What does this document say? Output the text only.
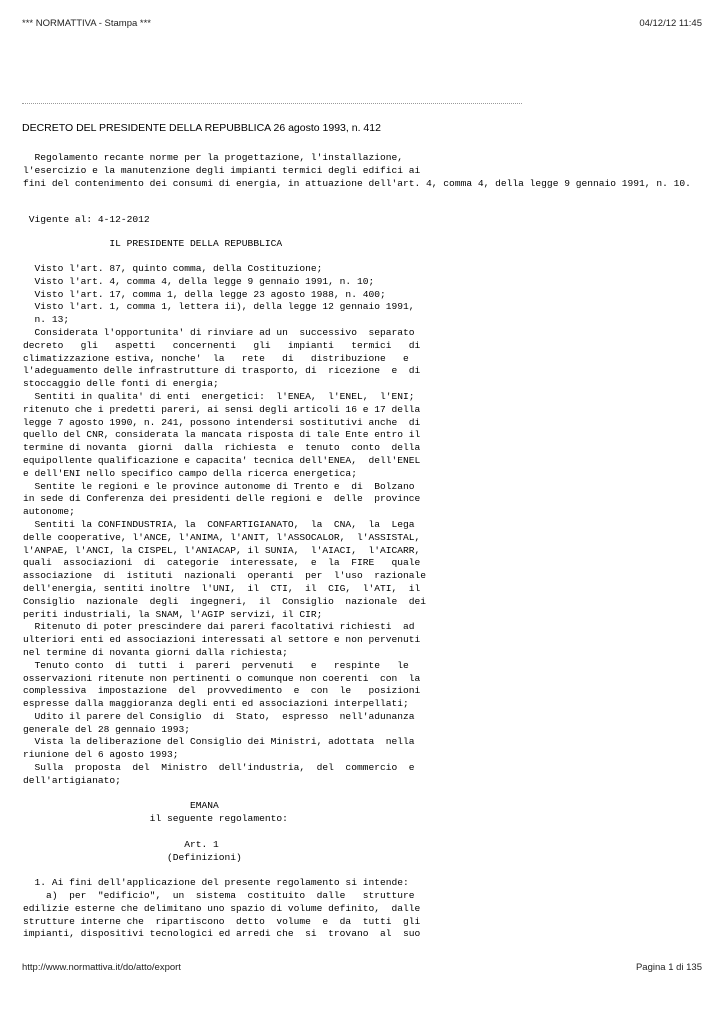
*** NORMATTIVA - Stampa ***	04/12/12 11:45
DECRETO DEL PRESIDENTE DELLA REPUBBLICA 26 agosto 1993, n. 412
Regolamento recante norme per la progettazione, l'installazione,
l'esercizio e la manutenzione degli impianti termici degli edifici ai
fini del contenimento dei consumi di energia, in attuazione dell'art. 4, comma 4, della legge 9 gennaio 1991, n. 10.
Vigente al: 4-12-2012
IL PRESIDENTE DELLA REPUBBLICA
Visto l'art. 87, quinto comma, della Costituzione;
Visto l'art. 4, comma 4, della legge 9 gennaio 1991, n. 10;
Visto l'art. 17, comma 1, della legge 23 agosto 1988, n. 400;
Visto l'art. 1, comma 1, lettera ii), della legge 12 gennaio 1991,
n. 13;
Considerata l'opportunita' di rinviare ad un  successivo  separato
decreto   gli   aspetti   concernenti   gli   impianti   termici   di
climatizzazione estiva, nonche'  la   rete   di   distribuzione   e
l'adeguamento delle infrastrutture di trasporto, di  ricezione  e  di
stoccaggio delle fonti di energia;
Sentiti in qualita' di enti  energetici:  l'ENEA,  l'ENEL,  l'ENI;
ritenuto che i predetti pareri, ai sensi degli articoli 16 e 17 della
legge 7 agosto 1990, n. 241, possono intendersi sostitutivi anche  di
quello del CNR, considerata la mancata risposta di tale Ente entro il
termine di novanta  giorni  dalla  richiesta  e  tenuto  conto  della
equipollente qualificazione e capacita' tecnica dell'ENEA,  dell'ENEL
e dell'ENI nello specifico campo della ricerca energetica;
Sentite le regioni e le province autonome di Trento e  di  Bolzano
in sede di Conferenza dei presidenti delle regioni e  delle  province
autonome;
Sentiti la CONFINDUSTRIA, la  CONFARTIGIANATO,  la  CNA,  la  Lega
delle cooperative, l'ANCE, l'ANIMA, l'ANIT, l'ASSOCALOR,  l'ASSISTAL,
l'ANPAE, l'ANCI, la CISPEL, l'ANIACAP, il SUNIA,  l'AIACI,  l'AICARR,
quali  associazioni  di  categorie  interessate,  e  la  FIRE   quale
associazione  di  istituti  nazionali  operanti  per  l'uso  razionale
dell'energia, sentiti inoltre  l'UNI,  il  CTI,  il  CIG,  l'ATI,  il
Consiglio  nazionale  degli  ingegneri,  il  Consiglio  nazionale  dei
periti industriali, la SNAM, l'AGIP servizi, il CIR;
Ritenuto di poter prescindere dai pareri facoltativi richiesti  ad
ulteriori enti ed associazioni interessati al settore e non pervenuti
nel termine di novanta giorni dalla richiesta;
Tenuto conto  di  tutti  i  pareri  pervenuti   e   respinte   le
osservazioni ritenute non pertinenti o comunque non coerenti  con  la
complessiva  impostazione  del  provvedimento  e  con  le   posizioni
espresse dalla maggioranza degli enti ed associazioni interpellati;
Udito il parere del Consiglio  di  Stato,  espresso  nell'adunanza
generale del 28 gennaio 1993;
Vista la deliberazione del Consiglio dei Ministri, adottata  nella
riunione del 6 agosto 1993;
Sulla  proposta  del  Ministro  dell'industria,  del  commercio  e
dell'artigianato;

EMANA
il seguente regolamento:

Art. 1
(Definizioni)

1. Ai fini dell'applicazione del presente regolamento si intende:
a)  per  "edificio",  un  sistema  costituito  dalle   strutture
edilizie esterne che delimitano uno spazio di volume definito,  dalle
strutture interne che  ripartiscono  detto  volume  e  da  tutti  gli
impianti, dispositivi tecnologici ed arredi che  si  trovano  al  suo
http://www.normattiva.it/do/atto/export	Pagina 1 di 135
